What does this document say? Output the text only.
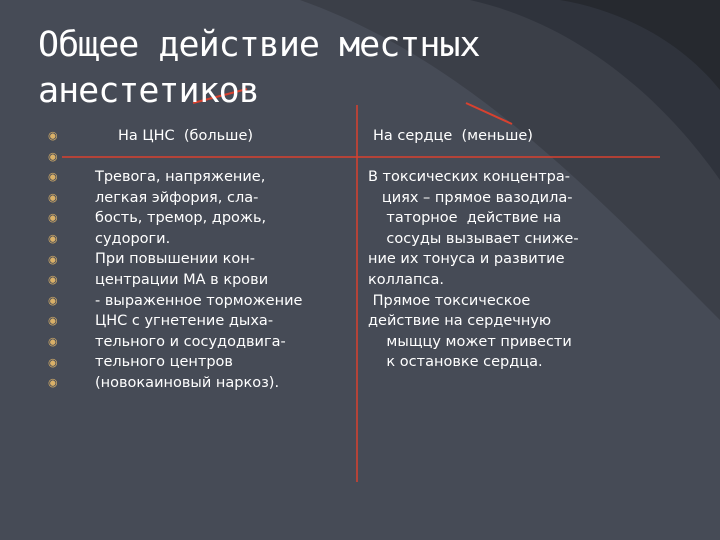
Общее действие местных
анестетиков
◉
◉
◉
◉
◉
◉
◉
◉
◉
◉
◉
◉
◉
На ЦНС  (больше)	На сердце  (меньше)
Тревога, напряжение,
легкая эйфория, сла-
бость, тремор, дрожь,
судороги.
При повышении кон-
центрации МА в крови
- выраженное торможение
ЦНС с угнетение дыха-
тельного и сосудодвига-
тельного центров
(новокаиновый наркоз).
В токсических концентра-
циях – прямое вазодила-
таторное  действие на
сосуды вызывает сниже-
ние их тонуса и развитие
коллапса.
Прямое токсическое
действие на сердечную
мыщцу может привести
к остановке сердца.
